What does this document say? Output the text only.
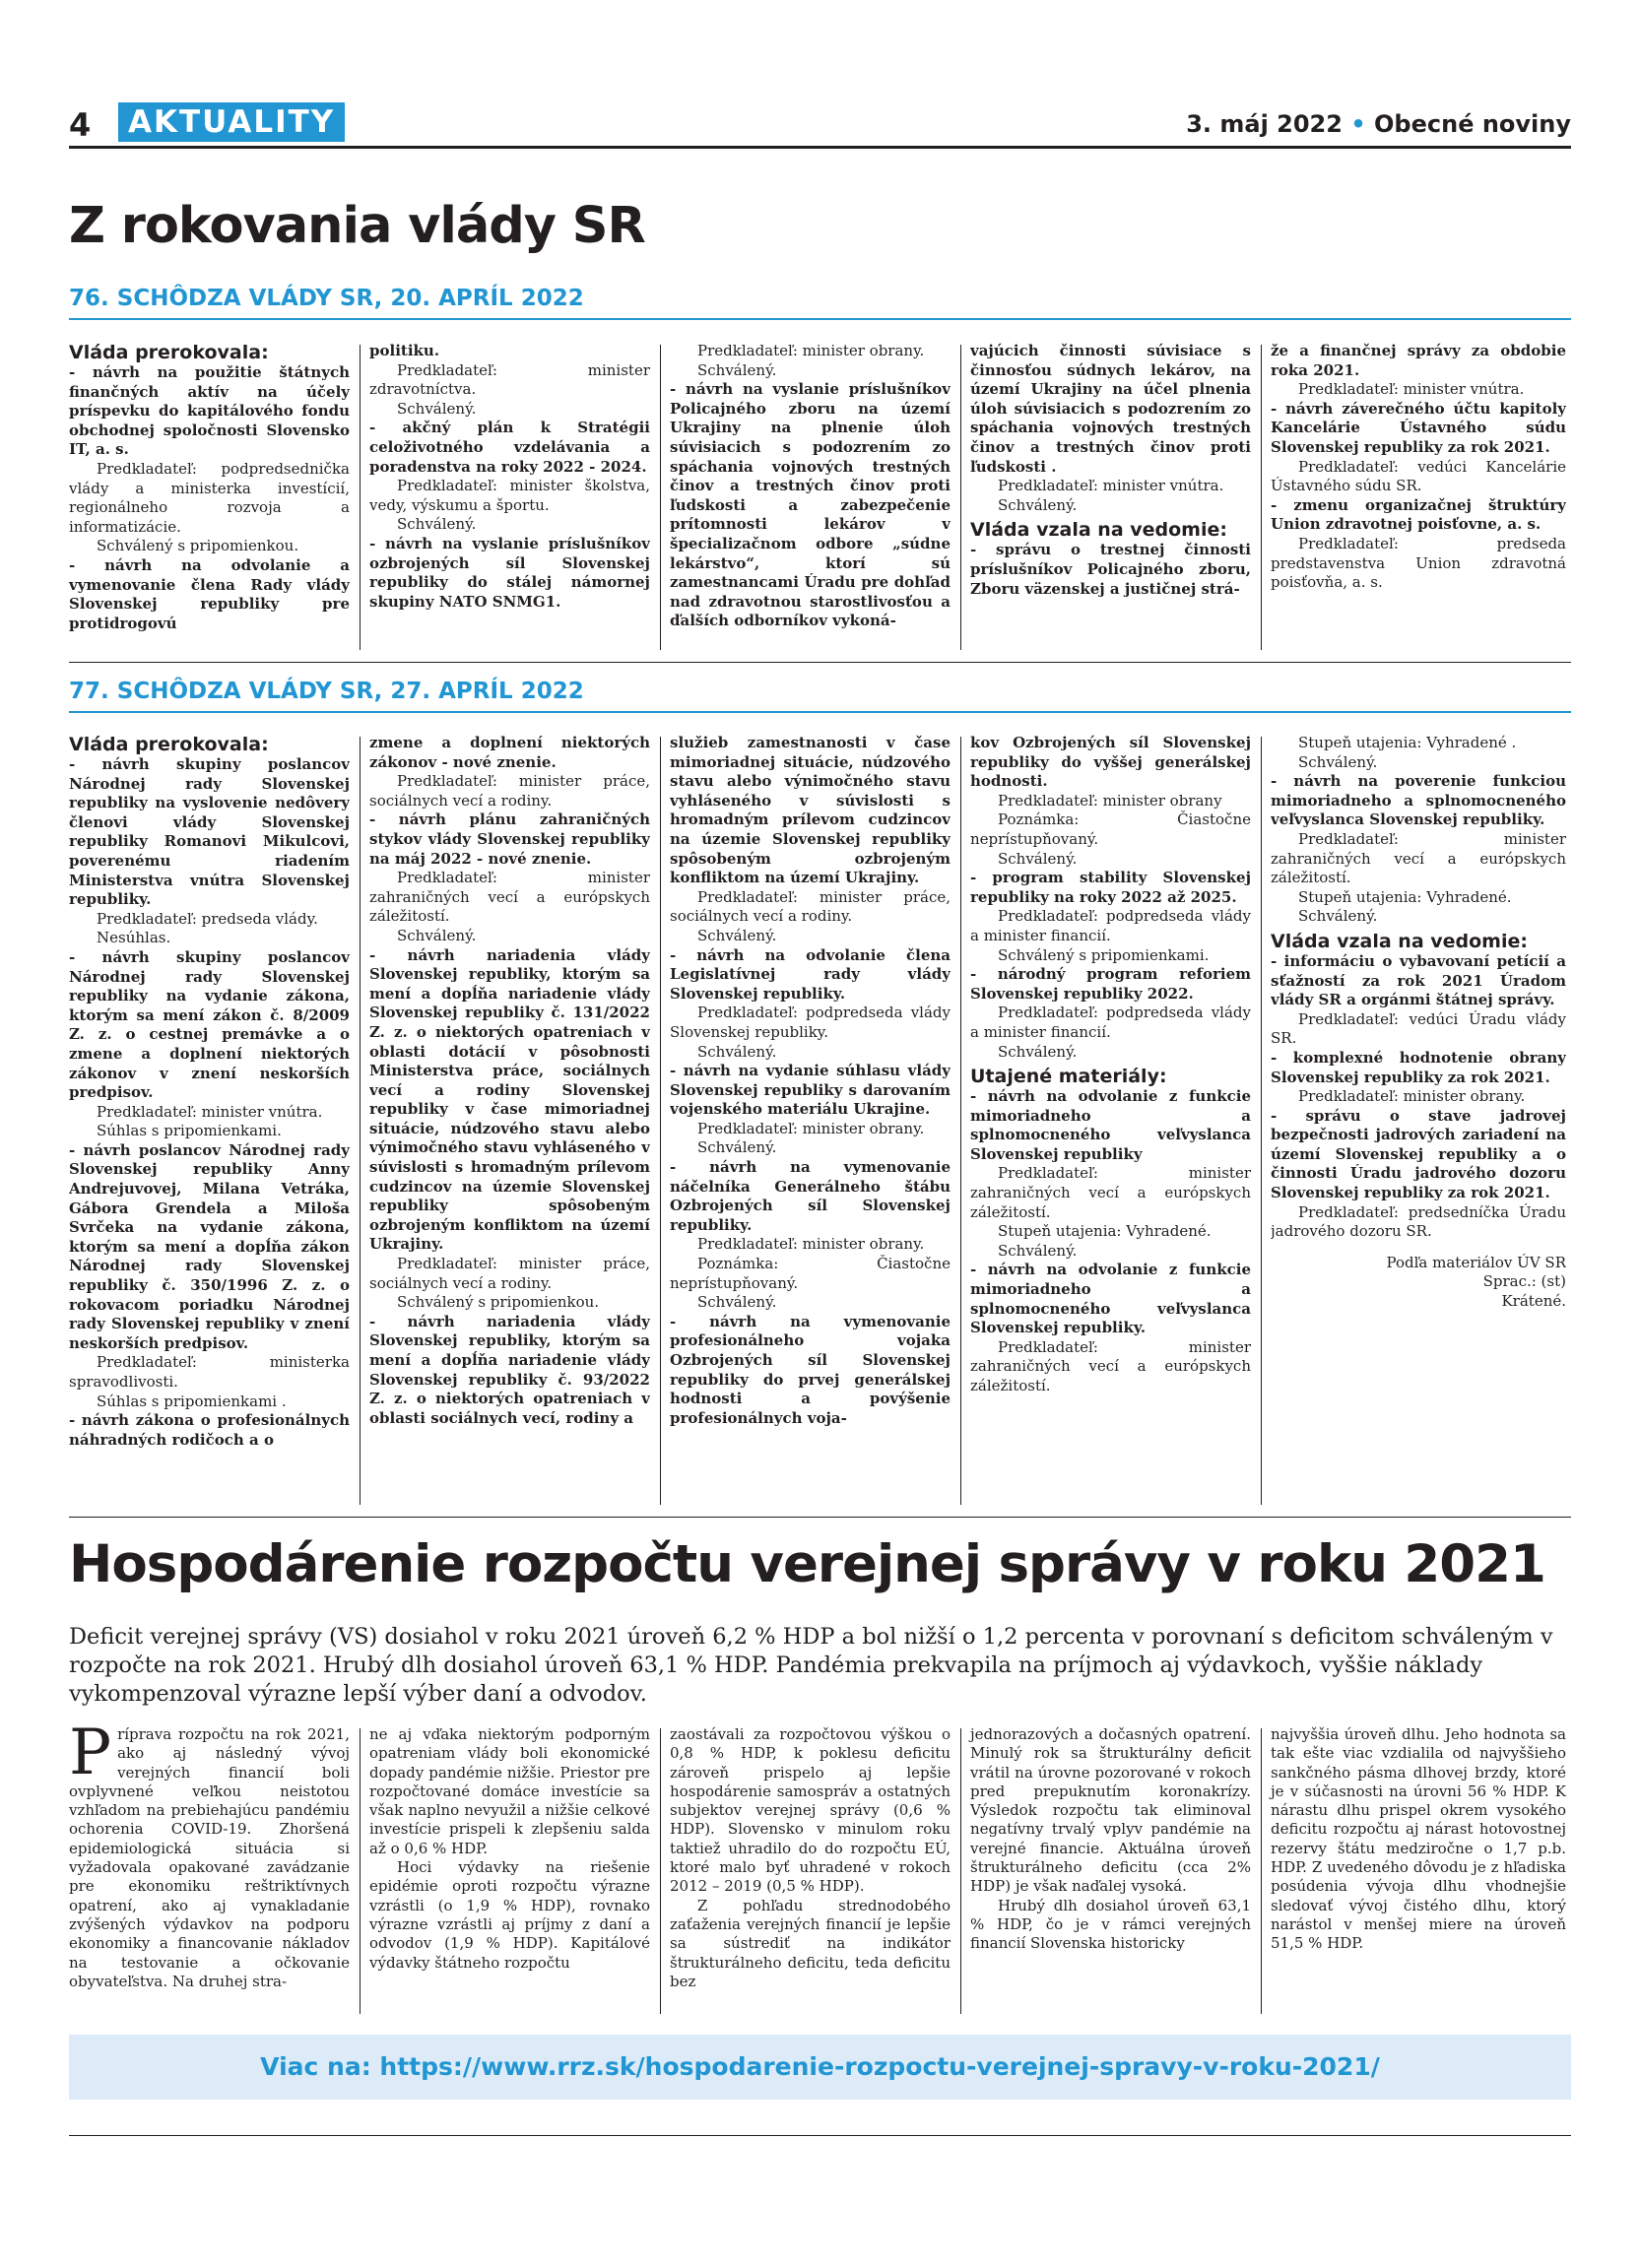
4	AKTUALITY	3. máj 2022 • Obecné noviny
Z rokovania vlády SR
76. SCHÔDZA VLÁDY SR, 20. APRÍL 2022

Vláda prerokovala:

- návrh na použitie štátnych finančných aktív na účely príspevku do kapitálového fondu obchodnej spoločnosti Slovensko IT, a. s.

Predkladateľ: podpredsednička vlády a ministerka investícií, regionálneho rozvoja a informatizácie.

Schválený s pripomienkou.

- návrh na odvolanie a vymenovanie člena Rady vlády Slovenskej republiky pre protidrogovú

politiku.

Predkladateľ: minister zdravotníctva.

Schválený.

- akčný plán k Stratégii celoživotného vzdelávania a poradenstva na roky 2022 - 2024.

Predkladateľ: minister školstva, vedy, výskumu a športu.

Schválený.

- návrh na vyslanie príslušníkov ozbrojených síl Slovenskej republiky do stálej námornej skupiny NATO SNMG1.

Predkladateľ: minister obrany.

Schválený.

- návrh na vyslanie príslušníkov Policajného zboru na území Ukrajiny na plnenie úloh súvisiacich s podozrením zo spáchania vojnových trestných činov a trestných činov proti ľudskosti a zabezpečenie prítomnosti lekárov v špecializačnom odbore „súdne lekárstvo“, ktorí sú zamestnancami Úradu pre dohľad nad zdravotnou starostlivosťou a ďalších odborníkov vykoná-

vajúcich činnosti súvisiace s činnosťou súdnych lekárov, na území Ukrajiny na účel plnenia úloh súvisiacich s podozrením zo spáchania vojnových trestných činov a trestných činov proti ľudskosti .

Predkladateľ: minister vnútra.

Schválený.

Vláda vzala na vedomie:

- správu o trestnej činnosti príslušníkov Policajného zboru, Zboru väzenskej a justičnej strá-

že a finančnej správy za obdobie roka 2021.

Predkladateľ: minister vnútra.

- návrh záverečného účtu kapitoly Kancelárie Ústavného súdu Slovenskej republiky za rok 2021.

Predkladateľ: vedúci Kancelárie Ústavného súdu SR.

- zmenu organizačnej štruktúry Union zdravotnej poisťovne, a. s.

Predkladateľ: predseda predstavenstva Union zdravotná poisťovňa, a. s.

77. SCHÔDZA VLÁDY SR, 27. APRÍL 2022

Vláda prerokovala:

- návrh skupiny poslancov Národnej rady Slovenskej republiky na vyslovenie nedôvery členovi vlády Slovenskej republiky Romanovi Mikulcovi, poverenému riadením Ministerstva vnútra Slovenskej republiky.

Predkladateľ: predseda vlády.

Nesúhlas.

- návrh skupiny poslancov Národnej rady Slovenskej republiky na vydanie zákona, ktorým sa mení zákon č. 8/2009 Z. z. o cestnej premávke a o zmene a doplnení niektorých zákonov v znení neskorších predpisov.

Predkladateľ: minister vnútra.

Súhlas s pripomienkami.

- návrh poslancov Národnej rady Slovenskej republiky Anny Andrejuvovej, Milana Vetráka, Gábora Grendela a Miloša Svrčeka na vydanie zákona, ktorým sa mení a dopĺňa zákon Národnej rady Slovenskej republiky č. 350/1996 Z. z. o rokovacom poriadku Národnej rady Slovenskej republiky v znení neskorších predpisov.

Predkladateľ: ministerka spravodlivosti.

Súhlas s pripomienkami .

- návrh zákona o profesionálnych náhradných rodičoch a o

zmene a doplnení niektorých zákonov - nové znenie.

Predkladateľ: minister práce, sociálnych vecí a rodiny.

- návrh plánu zahraničných stykov vlády Slovenskej republiky na máj 2022 - nové znenie.

Predkladateľ: minister zahraničných vecí a európskych záležitostí.

Schválený.

- návrh nariadenia vlády Slovenskej republiky, ktorým sa mení a dopĺňa nariadenie vlády Slovenskej republiky č. 131/2022 Z. z. o niektorých opatreniach v oblasti dotácií v pôsobnosti Ministerstva práce, sociálnych vecí a rodiny Slovenskej republiky v čase mimoriadnej situácie, núdzového stavu alebo výnimočného stavu vyhláseného v súvislosti s hromadným prílevom cudzincov na územie Slovenskej republiky spôsobeným ozbrojeným konfliktom na území Ukrajiny.

Predkladateľ: minister práce, sociálnych vecí a rodiny.

Schválený s pripomienkou.

- návrh nariadenia vlády Slovenskej republiky, ktorým sa mení a dopĺňa nariadenie vlády Slovenskej republiky č. 93/2022 Z. z. o niektorých opatreniach v oblasti sociálnych vecí, rodiny a

služieb zamestnanosti v čase mimoriadnej situácie, núdzového stavu alebo výnimočného stavu vyhláseného v súvislosti s hromadným prílevom cudzincov na územie Slovenskej republiky spôsobeným ozbrojeným konfliktom na území Ukrajiny.

Predkladateľ: minister práce, sociálnych vecí a rodiny.

Schválený.

- návrh na odvolanie člena Legislatívnej rady vlády Slovenskej republiky.

Predkladateľ: podpredseda vlády Slovenskej republiky.

Schválený.

- návrh na vydanie súhlasu vlády Slovenskej republiky s darovaním vojenského materiálu Ukrajine.

Predkladateľ: minister obrany.

Schválený.

- návrh na vymenovanie náčelníka Generálneho štábu Ozbrojených síl Slovenskej republiky.

Predkladateľ: minister obrany.

Poznámka: Čiastočne neprístupňovaný.

Schválený.

- návrh na vymenovanie profesionálneho vojaka Ozbrojených síl Slovenskej republiky do prvej generálskej hodnosti a povýšenie profesionálnych voja-

kov Ozbrojených síl Slovenskej republiky do vyššej generálskej hodnosti.

Predkladateľ: minister obrany

Poznámka: Čiastočne neprístupňovaný.

Schválený.

- program stability Slovenskej republiky na roky 2022 až 2025.

Predkladateľ: podpredseda vlády a minister financií.

Schválený s pripomienkami.

- národný program reforiem Slovenskej republiky 2022.

Predkladateľ: podpredseda vlády a minister financií.

Schválený.

Utajené materiály:

- návrh na odvolanie z funkcie mimoriadneho a splnomocneného veľvyslanca Slovenskej republiky

Predkladateľ: minister zahraničných vecí a európskych záležitostí.

Stupeň utajenia: Vyhradené.

Schválený.

- návrh na odvolanie z funkcie mimoriadneho a splnomocneného veľvyslanca Slovenskej republiky.

Predkladateľ: minister zahraničných vecí a európskych záležitostí.

Stupeň utajenia: Vyhradené .

Schválený.

- návrh na poverenie funkciou mimoriadneho a splnomocneného veľvyslanca Slovenskej republiky.

Predkladateľ: minister zahraničných vecí a európskych záležitostí.

Stupeň utajenia: Vyhradené.

Schválený.

Vláda vzala na vedomie:

- informáciu o vybavovaní petícií a sťažností za rok 2021 Úradom vlády SR a orgánmi štátnej správy.

Predkladateľ: vedúci Úradu vlády SR.

- komplexné hodnotenie obrany Slovenskej republiky za rok 2021.

Predkladateľ: minister obrany.

- správu o stave jadrovej bezpečnosti jadrových zariadení na území Slovenskej republiky a o činnosti Úradu jadrového dozoru Slovenskej republiky za rok 2021.

Predkladateľ: predsedníčka Úradu jadrového dozoru SR.

Podľa materiálov ÚV SR

Sprac.: (st)

Krátené.

Hospodárenie rozpočtu verejnej správy v roku 2021

Deficit verejnej správy (VS) dosiahol v roku 2021 úroveň 6,2 % HDP a bol nižší o 1,2 percenta v porovnaní s deficitom schváleným v rozpočte na rok 2021. Hrubý dlh dosiahol úroveň 63,1 % HDP. Pandémia prekvapila na príjmoch aj výdavkoch, vyššie náklady vykompenzoval výrazne lepší výber daní a odvodov.

Príprava rozpočtu na rok 2021, ako aj následný vývoj verejných financií boli ovplyvnené veľkou neistotou vzhľadom na prebiehajúcu pandémiu ochorenia COVID-19. Zhoršená epidemiologická situácia si vyžadovala opakované zavádzanie pre ekonomiku reštriktívnych opatrení, ako aj vynakladanie zvýšených výdavkov na podporu ekonomiky a financovanie nákladov na testovanie a očkovanie obyvateľstva. Na druhej stra-

ne aj vďaka niektorým podporným opatreniam vlády boli ekonomické dopady pandémie nižšie. Priestor pre rozpočtované domáce investície sa však naplno nevyužil a nižšie celkové investície prispeli k zlepšeniu salda až o 0,6 % HDP.

Hoci výdavky na riešenie epidémie oproti rozpočtu výrazne vzrástli (o 1,9 % HDP), rovnako výrazne vzrástli aj príjmy z daní a odvodov (1,9 % HDP). Kapitálové výdavky štátneho rozpočtu

zaostávali za rozpočtovou výškou o 0,8 % HDP, k poklesu deficitu zároveň prispelo aj lepšie hospodárenie samospráv a ostatných subjektov verejnej správy (0,6 % HDP). Slovensko v minulom roku taktiež uhradilo do do rozpočtu EÚ, ktoré malo byť uhradené v rokoch 2012 – 2019 (0,5 % HDP).

Z pohľadu strednodobého zaťaženia verejných financií je lepšie sa sústrediť na indikátor štrukturálneho deficitu, teda deficitu bez

jednorazových a dočasných opatrení. Minulý rok sa štrukturálny deficit vrátil na úrovne pozorované v rokoch pred prepuknutím koronakrízy. Výsledok rozpočtu tak eliminoval negatívny trvalý vplyv pandémie na verejné financie. Aktuálna úroveň štrukturálneho deficitu (cca 2% HDP) je však naďalej vysoká.

Hrubý dlh dosiahol úroveň 63,1 % HDP, čo je v rámci verejných financií Slovenska historicky

najvyššia úroveň dlhu. Jeho hodnota sa tak ešte viac vzdialila od najvyššieho sankčného pásma dlhovej brzdy, ktoré je v súčasnosti na úrovni 56 % HDP. K nárastu dlhu prispel okrem vysokého deficitu rozpočtu aj nárast hotovostnej rezervy štátu medziročne o 1,7 p.b. HDP. Z uvedeného dôvodu je z hľadiska posúdenia vývoja dlhu vhodnejšie sledovať vývoj čistého dlhu, ktorý narástol v menšej miere na úroveň 51,5 % HDP.

Viac na: https://www.rrz.sk/hospodarenie-rozpoctu-verejnej-spravy-v-roku-2021/
